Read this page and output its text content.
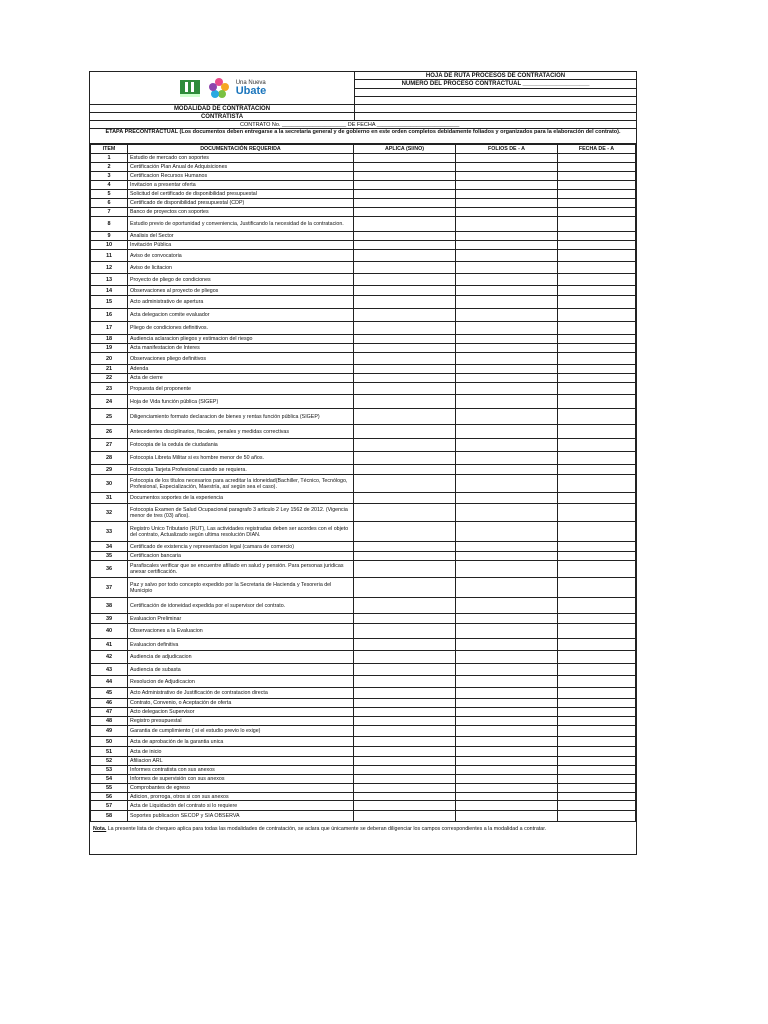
Una Nueva
Ubate
HOJA DE RUTA PROCESOS DE CONTRATACIÓN
NUMERO DEL PROCESO CONTRACTUAL ____________________
MODALIDAD DE CONTRATACION
CONTRATISTA
CONTRATO No. _____________________ DE FECHA ___________________________
ETAPA PRECONTRACTUAL (Los documentos deben entregarse a la secretaria general y de gobierno en este orden completos debidamente foliados y organizados para la elaboración del contrato).
ITEM	DOCUMENTACIÓN REQUERIDA	APLICA (SI/NO)	FOLIOS DE - A	FECHA DE - A
1	Estudio de mercado con soportes			
2	Certificación Plan Anual de Adquisiciones			
3	Certificacion Recursos Humanos			
4	Invitacion a presentar oferta			
5	Solicitud del certificado de disponibilidad presupuestal			
6	Certificado de disponibilidad presupuestal (CDP)			
7	Banco de proyectos con soportes			
8	Estudio previo de oportunidad y conveniencia, Justificando la necesidad de la contratacion.			
9	Analisis del Sector			
10	Invitación Pública			
11	Aviso de convocatoria			
12	Aviso de licitacion			
13	Proyecto de pliego de condiciones			
14	Observaciones al proyecto de pliegos			
15	Acto administrativo de apertura			
16	Acta delegacion comite evaluador			
17	Pliego de condiciones definitivos.			
18	Audiencia aclaracion pliegos y estimacion del riesgo			
19	Acta manifestacion de Interes			
20	Observaciones pliego definitivos			
21	Adenda			
22	Acta de cierre			
23	Propuesta del proponente			
24	Hoja de Vida función pública (SIGEP)			
25	Diligenciamiento formato declaracion de bienes y rentas función pública (SIGEP)			
26	Antecedentes disciplinarios, fiscales, penales y medidas correctivas			
27	Fotocopia de la cedula de ciudadania			
28	Fotocopia Libreta Militar si es hombre menor de 50 años.			
29	Fotocopia Tarjeta Profesional cuando se requiera.			
30	Fotocopia de los títulos necesarios para acreditar la idoneidad(Bachiller, Técnico, Tecnólogo, Profesional, Especialización, Maestría, así según sea el caso).			
31	Documentos soportes de la experiencia			
32	Fotocopia Examen de Salud Ocupacional paragrafo 3 articulo 2 Ley 1562 de 2012. (Vigencia menor de tres (03) años).			
33	Registro Unico Tributario (RUT), Las actividades registradas deben ser acordes con el objeto del contrato, Actualizado según ultima resolución DIAN.			
34	Certificado de existencia y representacion legal (camara de comercio)			
35	Certificacion bancaria			
36	Parafiscales verificar que se encuentre afiliado en salud y pensión. Para personas juridicas anexar certificación.			
37	Paz y salvo por todo concepto expedido por la Secretaria de Hacienda y Tesoreria del Municipio			
38	Certificación de idoneidad expedida por el supervisor del contrato.			
39	Evaluacion Preliminar			
40	Observaciones a la Evaluacion			
41	Evaluacion definitiva			
42	Audiencia de adjudicacion			
43	Audiencia de subasta			
44	Resolucion de Adjudicacion			
45	Acto Administrativo de Justificación de contratacion directa			
46	Contrato, Convenio, o Aceptación de oferta			
47	Acto delegacion Supervisor			
48	Registro presupuestal			
49	Garantia de cumplimiento ( si el estudio previo lo exige)			
50	Acta de aprobación de la garantia unica			
51	Acta de inicio			
52	Afiliacion ARL			
53	Informes contratista con sus anexos	

54	Informes de supervisión con sus anexos			
55	Comprobantes de egreso			
56	Adicion, prorroga, otros si con sus anexos			
57	Acta de Liquidación del contrato si lo requiere			
58	Soportes publicacion SECOP y SIA OBSERVA			
Nota. La presente lista de chequeo aplica para todas las modalidades de contratación, se aclara que únicamente se deberan diligenciar los campos correspondientes a la modalidad a contratar.
